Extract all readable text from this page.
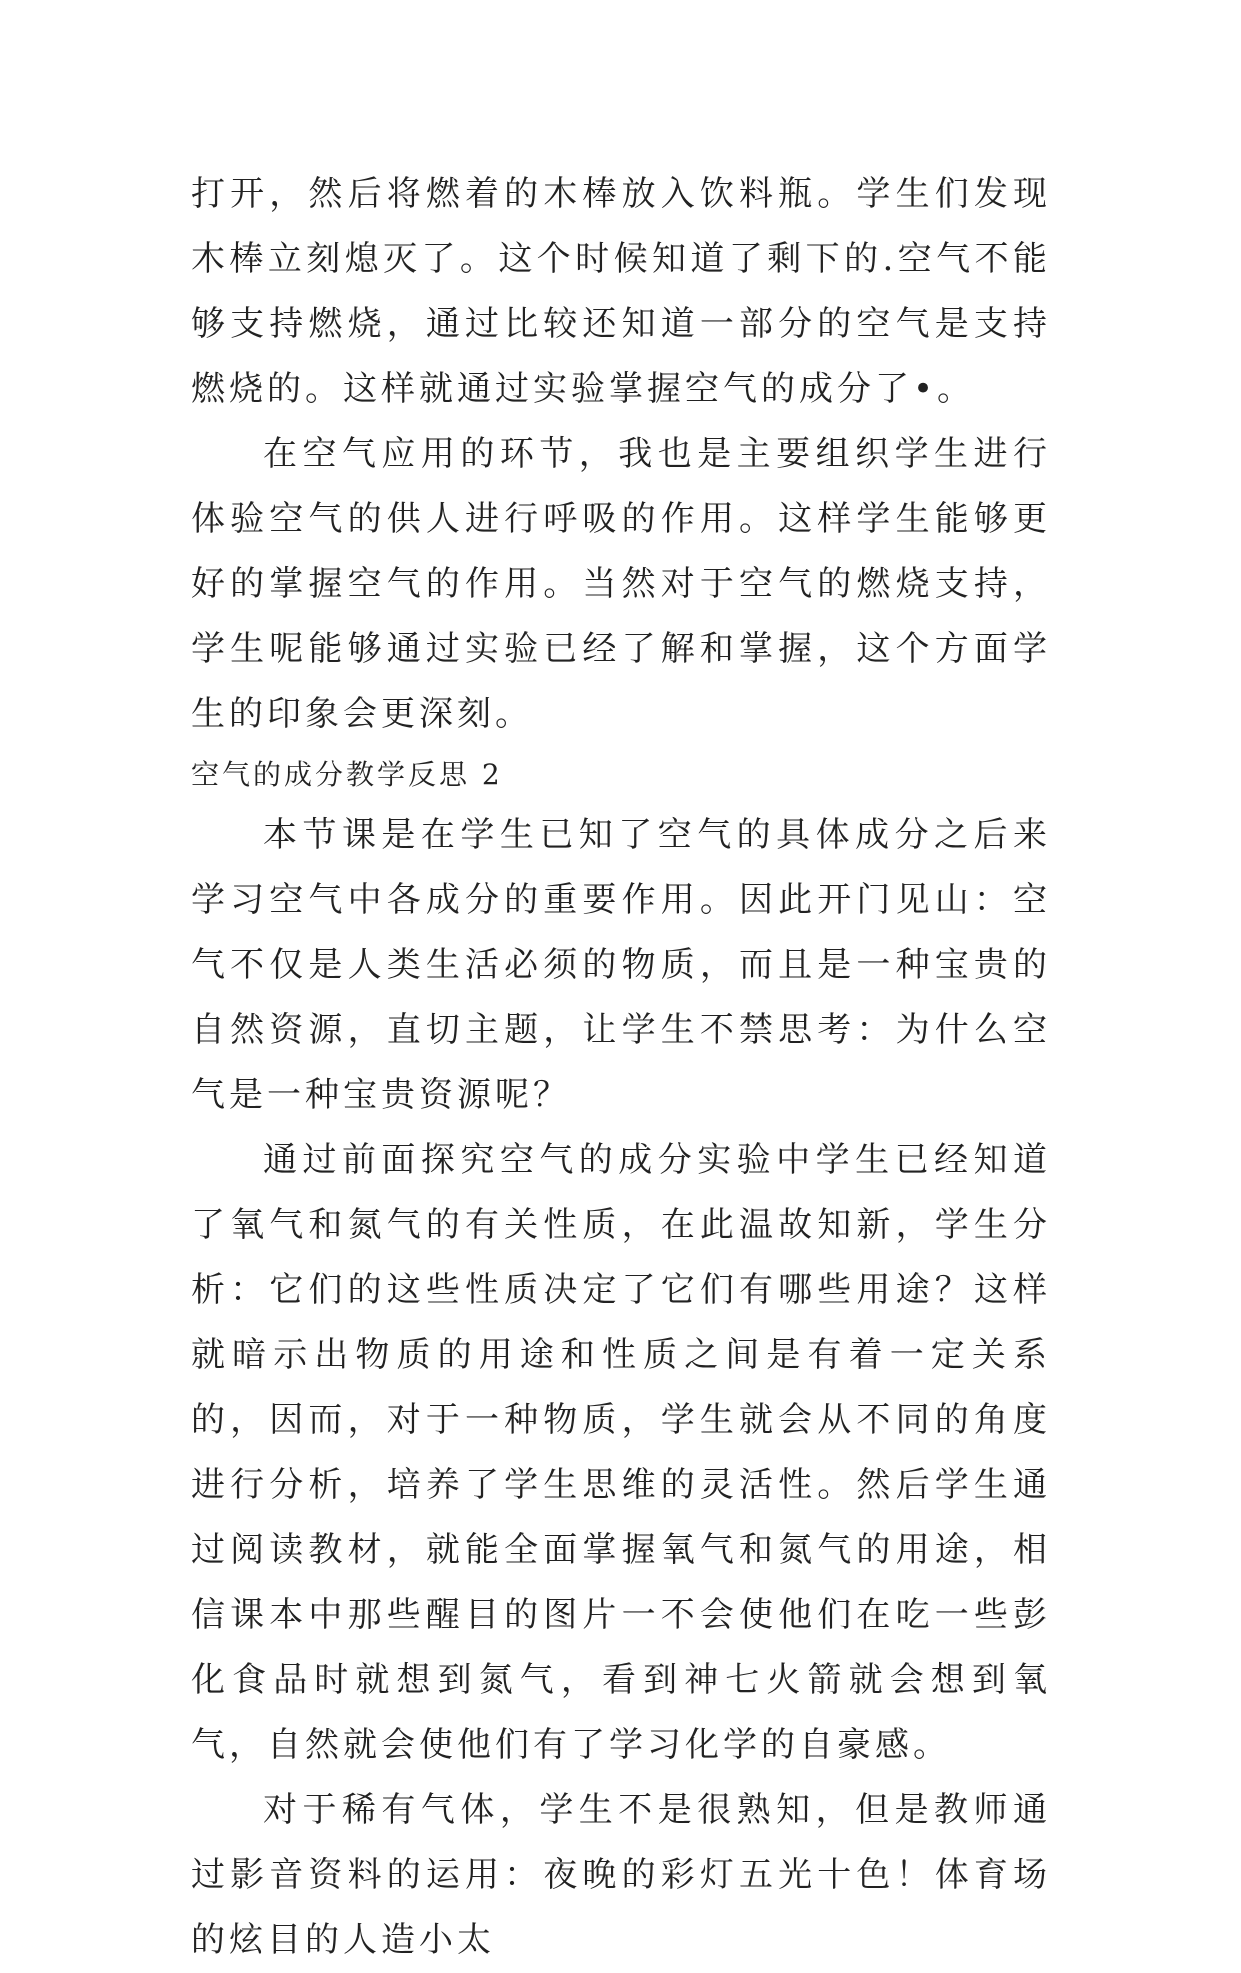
打开，然后将燃着的木棒放入饮料瓶。学生们发现木棒立刻熄灭了。这个时候知道了剩下的.空气不能够支持燃烧，通过比较还知道一部分的空气是支持燃烧的。这样就通过实验掌握空气的成分了•。

在空气应用的环节，我也是主要组织学生进行体验空气的供人进行呼吸的作用。这样学生能够更好的掌握空气的作用。当然对于空气的燃烧支持，学生呢能够通过实验已经了解和掌握，这个方面学生的印象会更深刻。

空气的成分教学反思 2

本节课是在学生已知了空气的具体成分之后来学习空气中各成分的重要作用。因此开门见山：空气不仅是人类生活必须的物质，而且是一种宝贵的自然资源，直切主题，让学生不禁思考：为什么空气是一种宝贵资源呢？

通过前面探究空气的成分实验中学生已经知道了氧气和氮气的有关性质，在此温故知新，学生分析：它们的这些性质决定了它们有哪些用途？这样就暗示出物质的用途和性质之间是有着一定关系的，因而，对于一种物质，学生就会从不同的角度进行分析，培养了学生思维的灵活性。然后学生通过阅读教材，就能全面掌握氧气和氮气的用途，相信课本中那些醒目的图片一不会使他们在吃一些彭化食品时就想到氮气，看到神七火箭就会想到氧气，自然就会使他们有了学习化学的自豪感。

对于稀有气体，学生不是很熟知，但是教师通过影音资料的运用：夜晚的彩灯五光十色！体育场的炫目的人造小太
